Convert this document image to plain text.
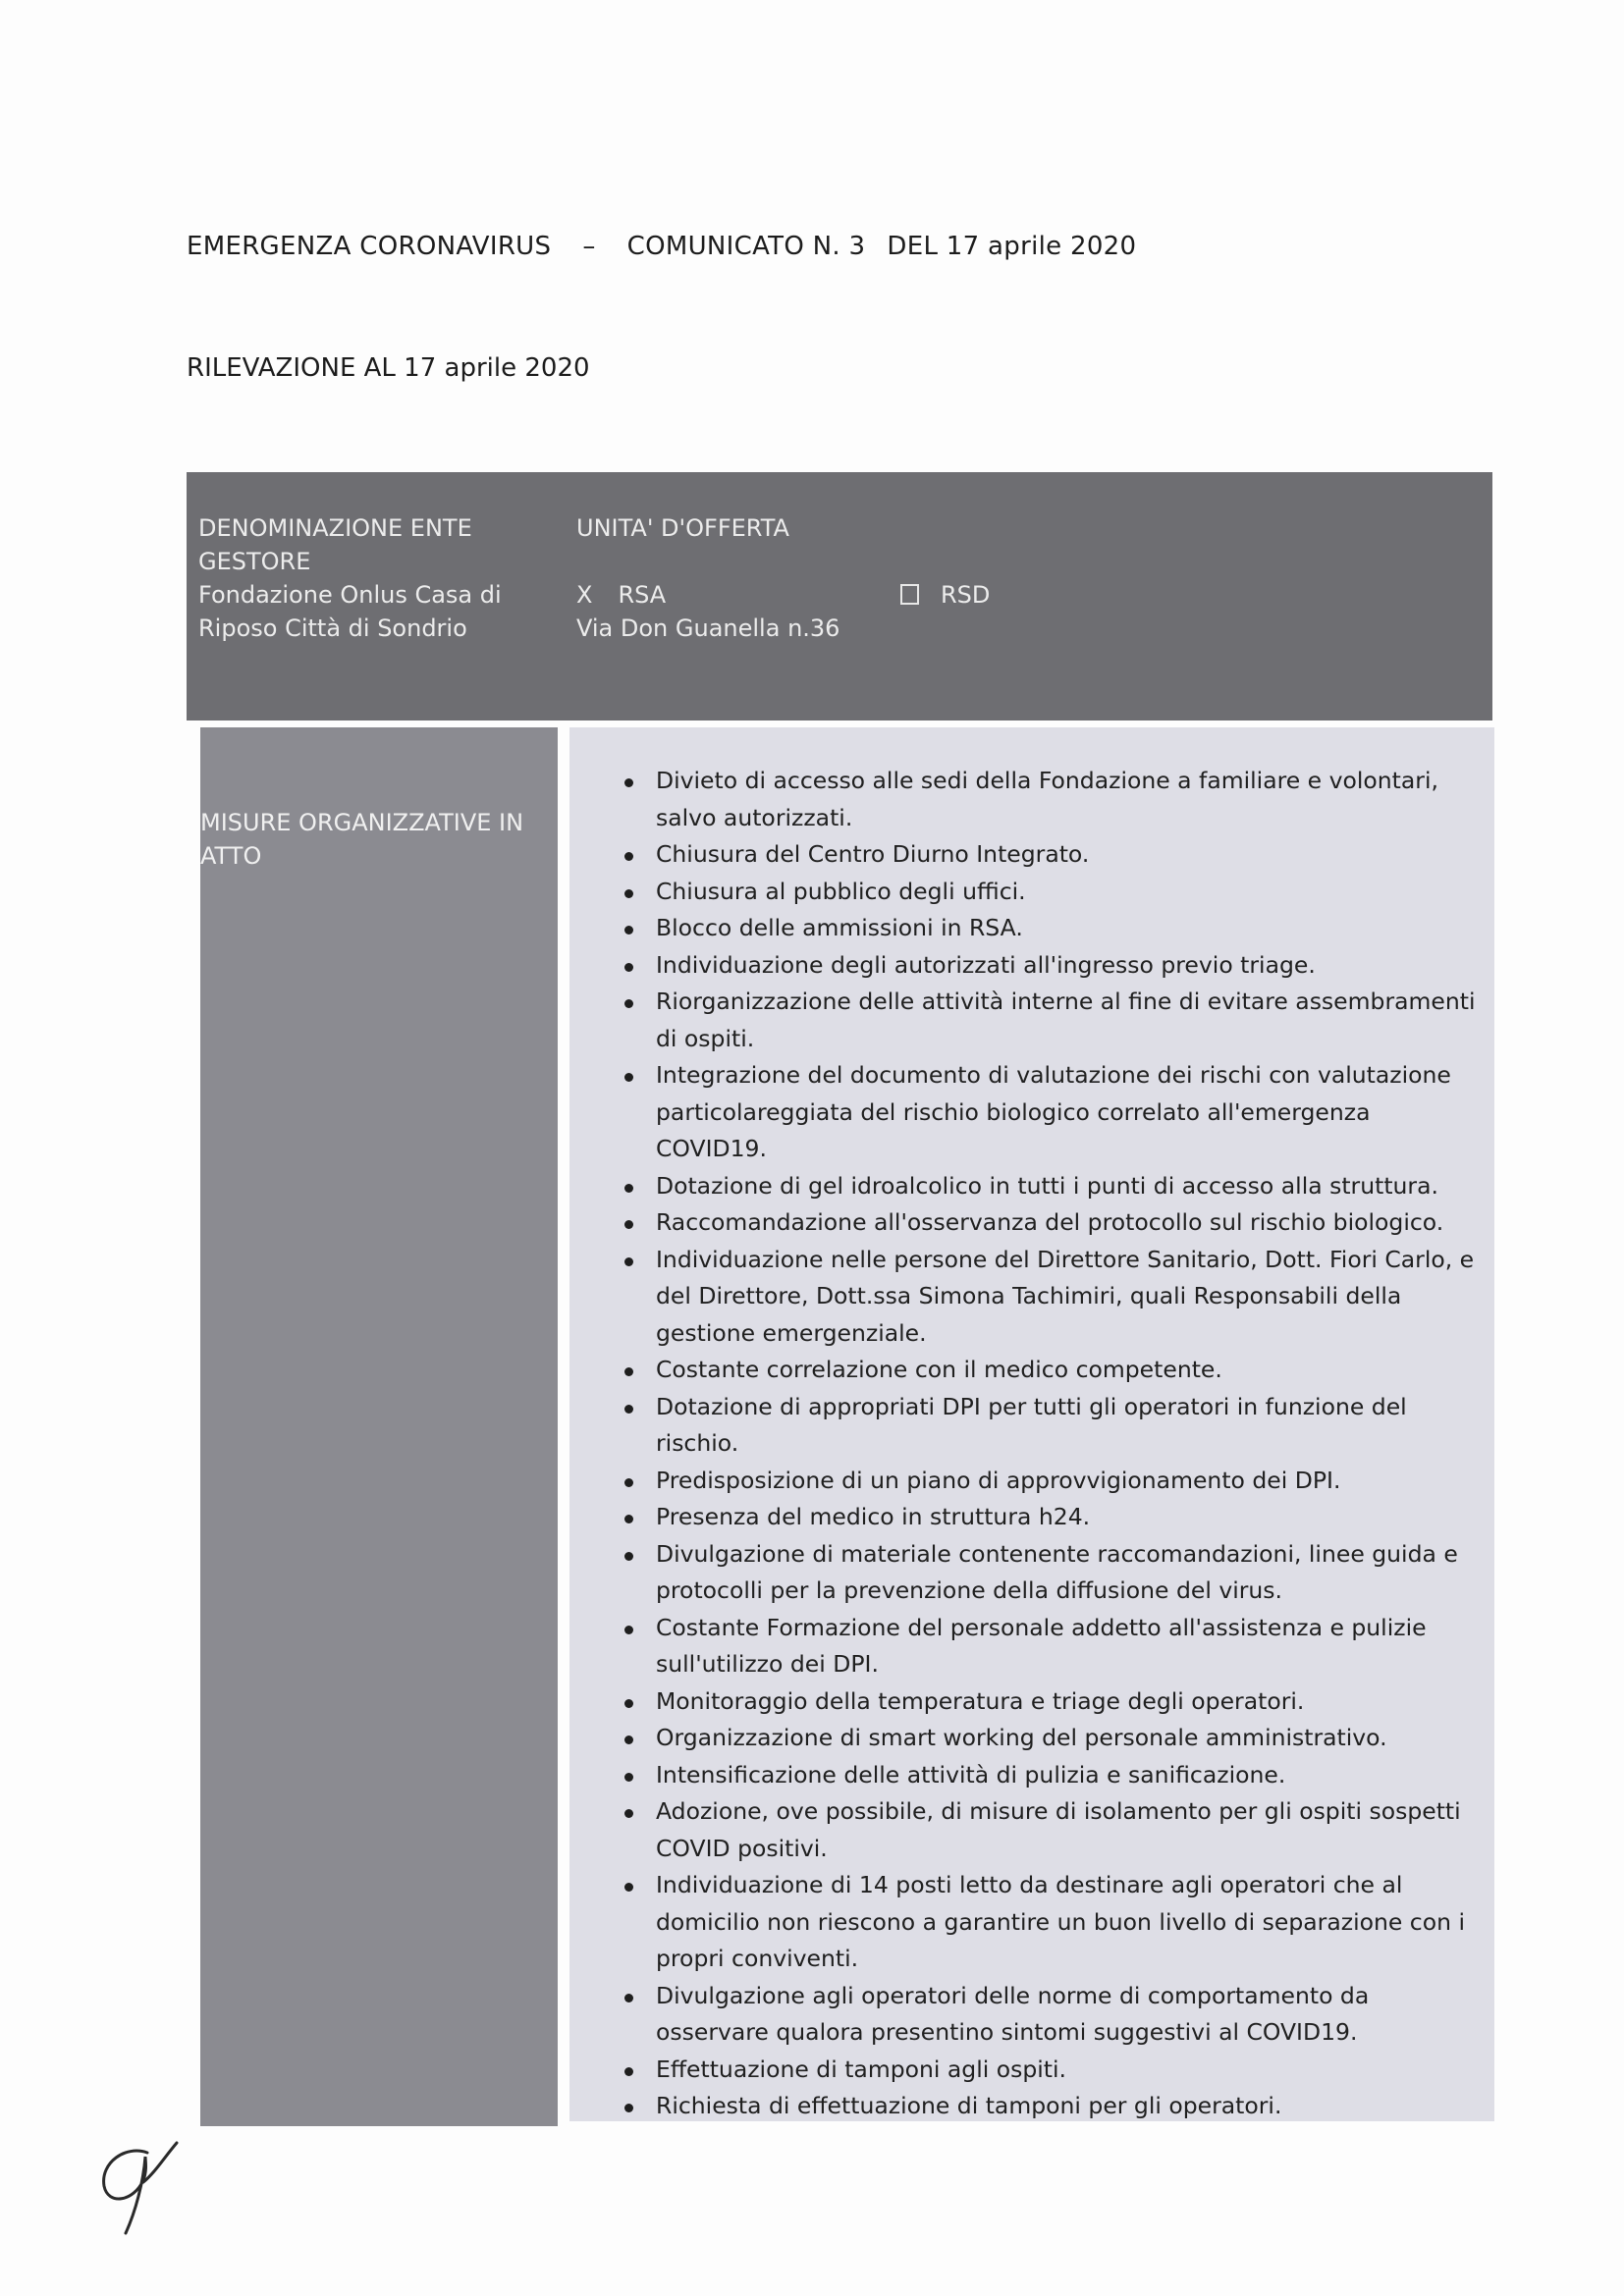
EMERGENZA CORONAVIRUS – COMUNICATO N. 3 DEL 17 aprile 2020
RILEVAZIONE AL 17 aprile 2020
DENOMINAZIONE ENTE
GESTORE
Fondazione Onlus Casa di
Riposo Città di Sondrio
UNITA' D'OFFERTA
X RSA	RSD
Via Don Guanella n.36
MISURE ORGANIZZATIVE IN ATTO
Divieto di accesso alle sedi della Fondazione a familiare e volontari, salvo autorizzati.
Chiusura del Centro Diurno Integrato.
Chiusura al pubblico degli uffici.
Blocco delle ammissioni in RSA.
Individuazione degli autorizzati all'ingresso previo triage.
Riorganizzazione delle attività interne al fine di evitare assembramenti di ospiti.
Integrazione del documento di valutazione dei rischi con valutazione particolareggiata del rischio biologico correlato all'emergenza COVID19.
Dotazione di gel idroalcolico in tutti i punti di accesso alla struttura.
Raccomandazione all'osservanza del protocollo sul rischio biologico.
Individuazione nelle persone del Direttore Sanitario, Dott. Fiori Carlo, e del Direttore, Dott.ssa Simona Tachimiri, quali Responsabili della gestione emergenziale.
Costante correlazione con il medico competente.
Dotazione di appropriati DPI per tutti gli operatori in funzione del rischio.
Predisposizione di un piano di approvvigionamento dei DPI.
Presenza del medico in struttura h24.
Divulgazione di materiale contenente raccomandazioni, linee guida e protocolli per la prevenzione della diffusione del virus.
Costante Formazione del personale addetto all'assistenza e pulizie sull'utilizzo dei DPI.
Monitoraggio della temperatura e triage degli operatori.
Organizzazione di smart working del personale amministrativo.
Intensificazione delle attività di pulizia e sanificazione.
Adozione, ove possibile, di misure di isolamento per gli ospiti sospetti COVID positivi.
Individuazione di 14 posti letto da destinare agli operatori che al domicilio non riescono a garantire un buon livello di separazione con i propri conviventi.
Divulgazione agli operatori delle norme di comportamento da osservare qualora presentino sintomi suggestivi al COVID19.
Effettuazione di tamponi agli ospiti.
Richiesta di effettuazione di tamponi per gli operatori.
